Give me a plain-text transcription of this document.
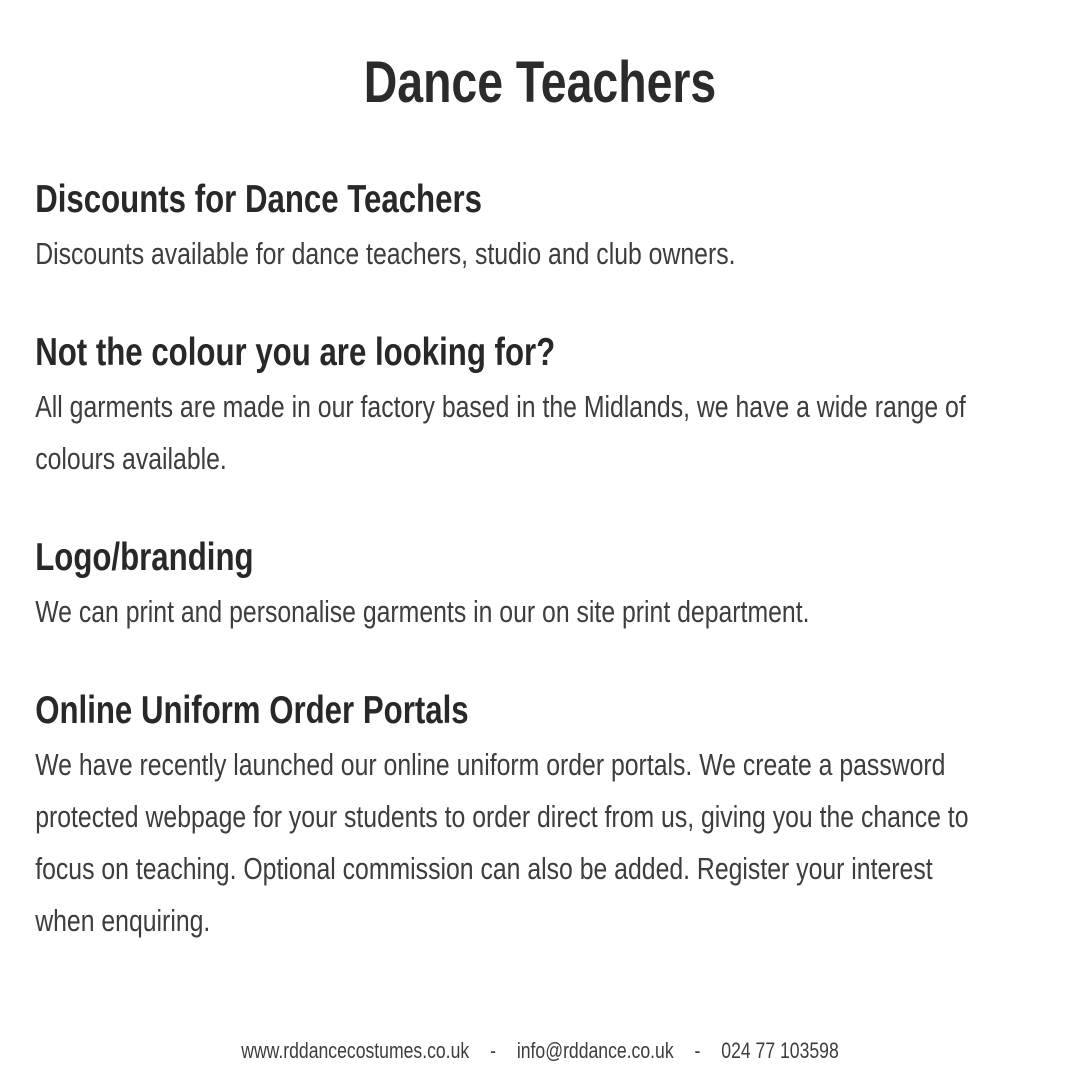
Dance Teachers
Discounts for Dance Teachers
Discounts available for dance teachers, studio and club owners.
Not the colour you are looking for?
All garments are made in our factory based in the Midlands, we have a wide range of
colours available.
Logo/branding
We can print and personalise garments in our on site print department.
Online Uniform Order Portals
We have recently launched our online uniform order portals. We create a password
protected webpage for your students to order direct from us, giving you the chance to
focus on teaching. Optional commission can also be added. Register your interest
when enquiring.
www.rddancecostumes.co.uk - info@rddance.co.uk - 024 77 103598
